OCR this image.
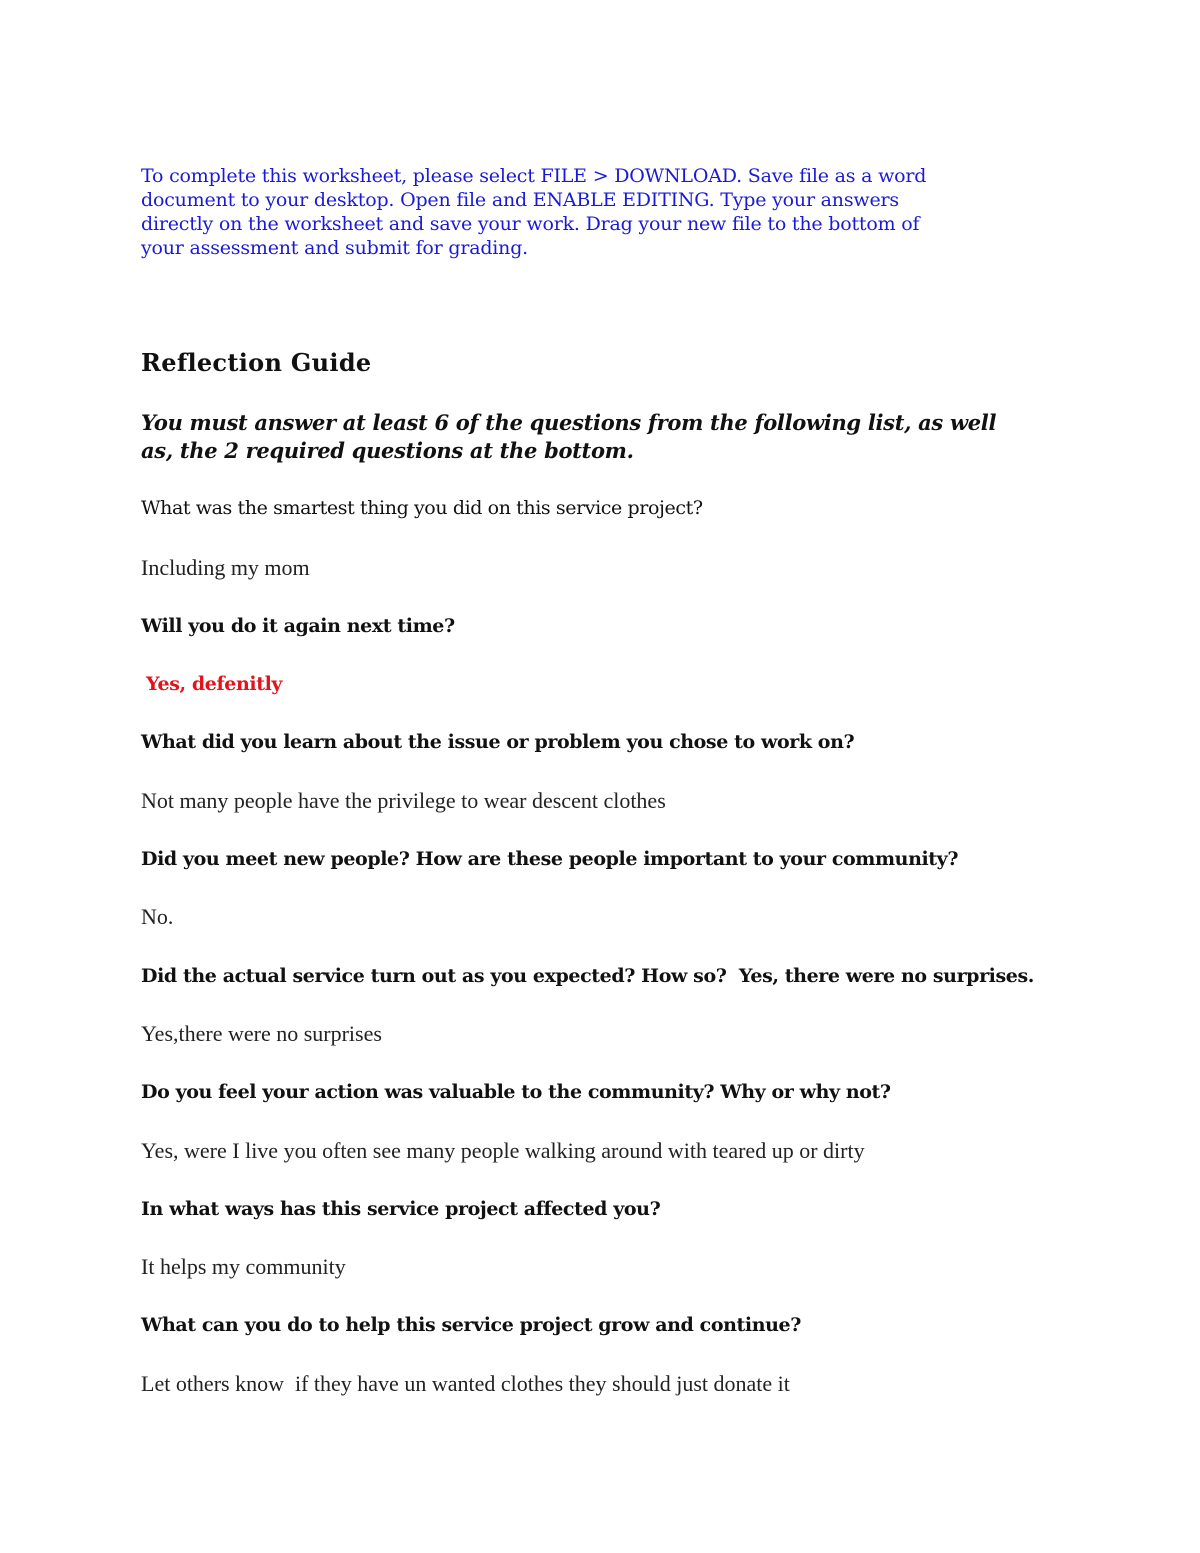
To complete this worksheet, please select FILE > DOWNLOAD. Save file as a word
document to your desktop. Open file and ENABLE EDITING. Type your answers
directly on the worksheet and save your work. Drag your new file to the bottom of
your assessment and submit for grading.
Reflection Guide
You must answer at least 6 of the questions from the following list, as well
as, the 2 required questions at the bottom.
What was the smartest thing you did on this service project?
Including my mom
Will you do it again next time?
Yes, defenitly
What did you learn about the issue or problem you chose to work on?
Not many people have the privilege to wear descent clothes
Did you meet new people? How are these people important to your community?
No.
Did the actual service turn out as you expected? How so?  Yes, there were no surprises.
Yes,there were no surprises
Do you feel your action was valuable to the community? Why or why not?
Yes, were I live you often see many people walking around with teared up or dirty
In what ways has this service project affected you?
It helps my community
What can you do to help this service project grow and continue?
Let others know  if they have un wanted clothes they should just donate it
